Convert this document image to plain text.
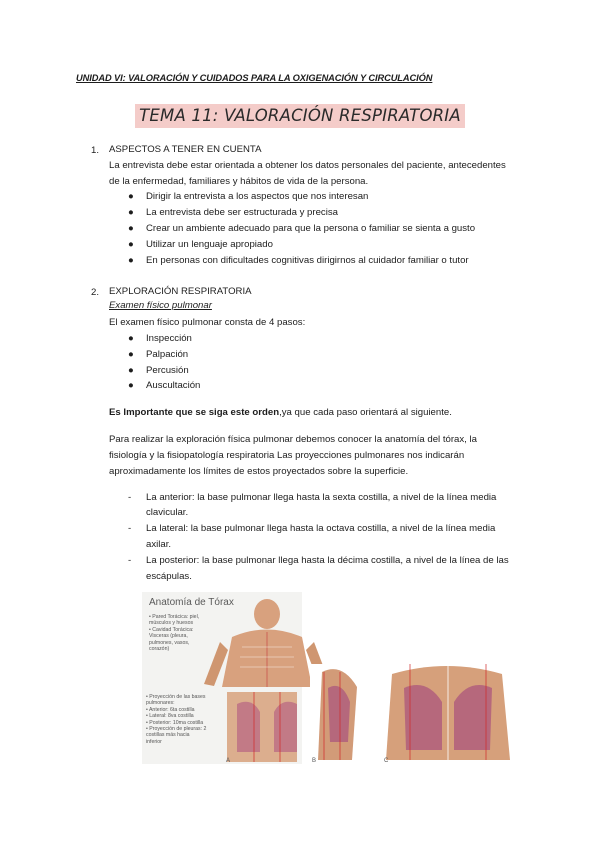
UNIDAD VI: VALORACIÓN Y CUIDADOS PARA LA OXIGENACIÓN Y CIRCULACIÓN
TEMA 11: VALORACIÓN RESPIRATORIA
1. ASPECTOS A TENER EN CUENTA
La entrevista debe estar orientada a obtener los datos personales del paciente, antecedentes
de la enfermedad, familiares y hábitos de vida de la persona.
● Dirigir la entrevista a los aspectos que nos interesan
● La entrevista debe ser estructurada y precisa
● Crear un ambiente adecuado para que la persona o familiar se sienta a gusto
● Utilizar un lenguaje apropiado
● En personas con dificultades cognitivas dirigirnos al cuidador familiar o tutor
2. EXPLORACIÓN RESPIRATORIA
Examen físico pulmonar
El examen físico pulmonar consta de 4 pasos:
● Inspección
● Palpación
● Percusión
● Auscultación
Es Importante que se siga este orden,ya que cada paso orientará al siguiente.
Para realizar la exploración física pulmonar debemos conocer la anatomía del tórax, la
fisiología y la fisiopatología respiratoria Las proyecciones pulmonares nos indicarán
aproximadamente los límites de estos proyectados sobre la superficie.
- La anterior: la base pulmonar llega hasta la sexta costilla, a nivel de la línea media
clavicular.
- La lateral: la base pulmonar llega hasta la octava costilla, a nivel de la línea media
axilar.
- La posterior: la base pulmonar llega hasta la décima costilla, a nivel de la línea de las
escápulas.
Anatomía de Tórax
• Pared Torácica: piel,
músculos y huesos
• Cavidad Torácica:
Visceras (pleura,
pulmones, vasos,
corazón)
• Proyección de las bases
pulmonares:
• Anterior: 6ta costilla
• Lateral: 8va costilla
• Posterior: 10ma costilla
• Proyección de pleuras: 2
costillas más hacia
inferior
A	B	C
